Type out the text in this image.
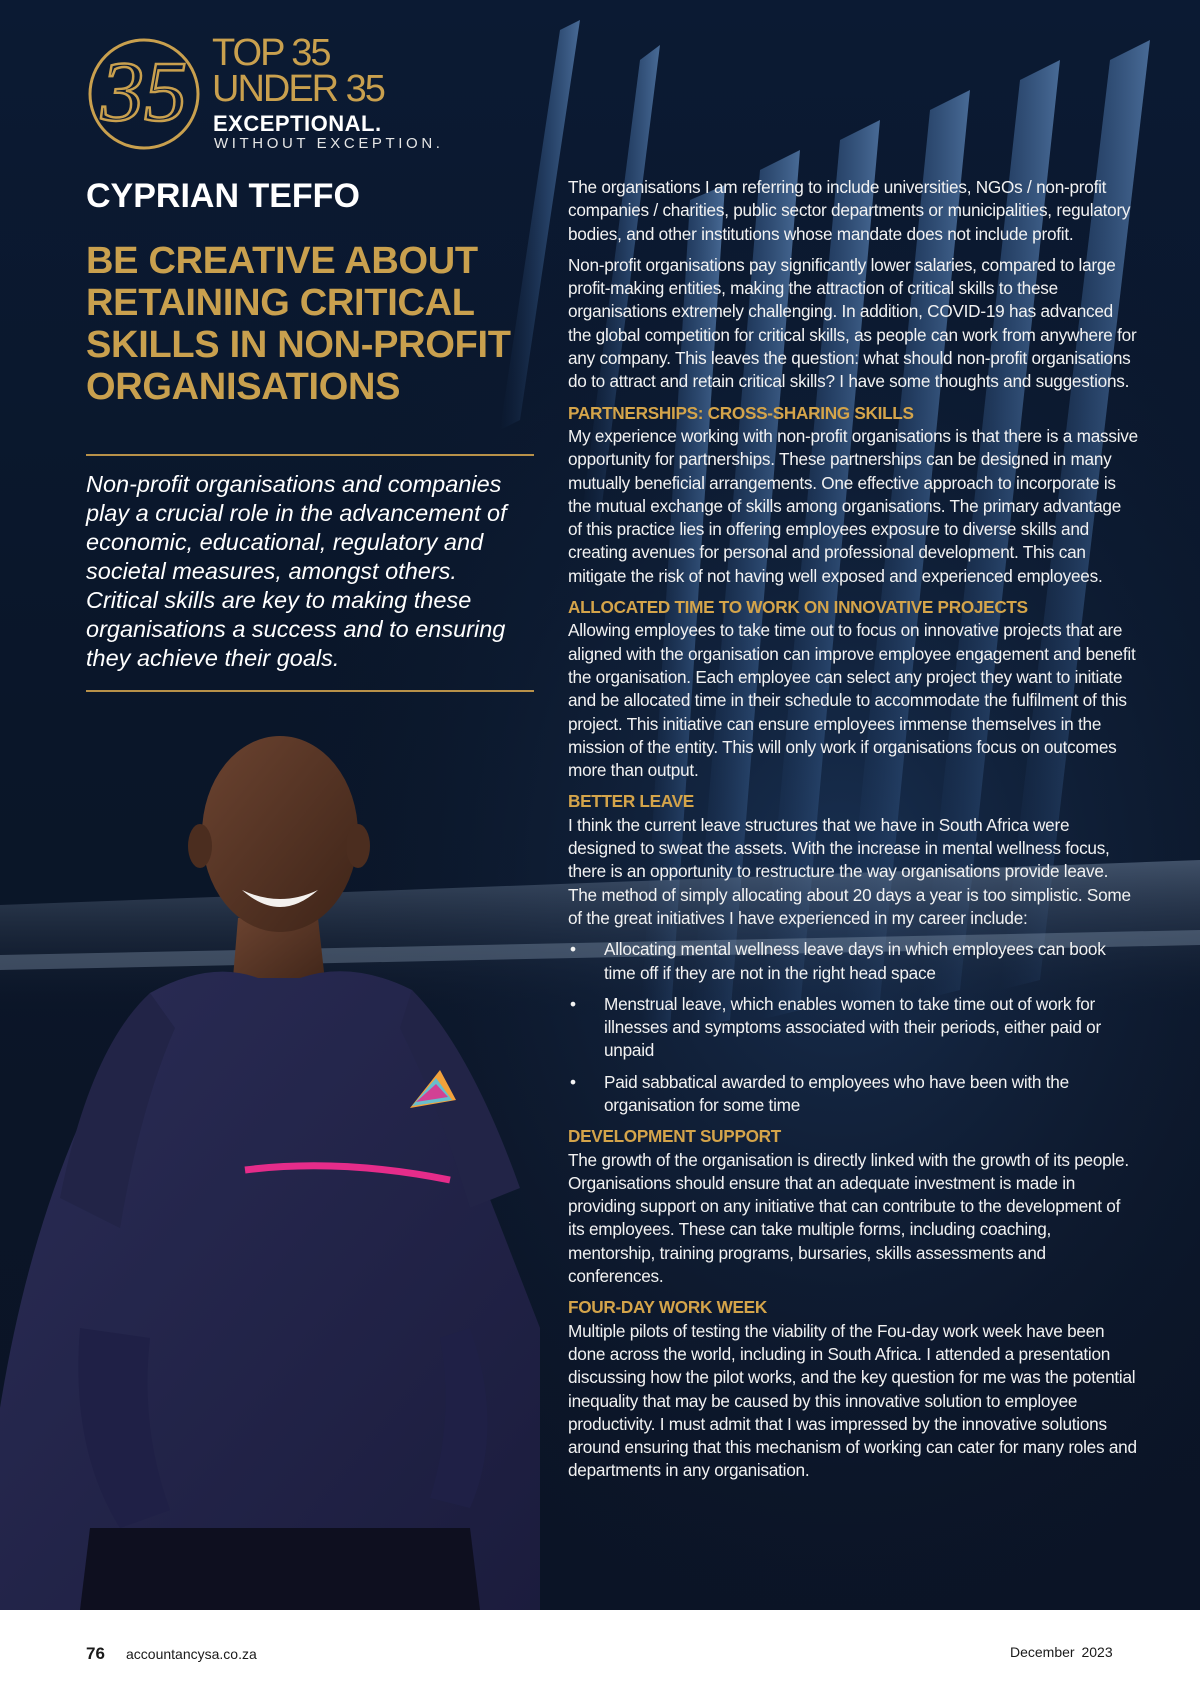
35 TOP 35
UNDER 35
EXCEPTIONAL.
WITHOUT EXCEPTION.
CYPRIAN TEFFO
BE CREATIVE ABOUT RETAINING CRITICAL SKILLS IN NON-PROFIT ORGANISATIONS

Non-profit organisations and companies play a crucial role in the advancement of economic, educational, regulatory and societal measures, amongst others. Critical skills are key to making these organisations a success and to ensuring they achieve their goals.

The organisations I am referring to include universities, NGOs / non-profit companies / charities, public sector departments or municipalities, regulatory bodies, and other institutions whose mandate does not include profit.

Non-profit organisations pay significantly lower salaries, compared to large profit-making entities, making the attraction of critical skills to these organisations extremely challenging. In addition, COVID-19 has advanced the global competition for critical skills, as people can work from anywhere for any company. This leaves the question: what should non-profit organisations do to attract and retain critical skills? I have some thoughts and suggestions.

PARTNERSHIPS: CROSS-SHARING SKILLS

My experience working with non-profit organisations is that there is a massive opportunity for partnerships. These partnerships can be designed in many mutually beneficial arrangements. One effective approach to incorporate is the mutual exchange of skills among organisations. The primary advantage of this practice lies in offering employees exposure to diverse skills and creating avenues for personal and professional development. This can mitigate the risk of not having well exposed and experienced employees.

ALLOCATED TIME TO WORK ON INNOVATIVE PROJECTS

Allowing employees to take time out to focus on innovative projects that are aligned with the organisation can improve employee engagement and benefit the organisation. Each employee can select any project they want to initiate and be allocated time in their schedule to accommodate the fulfilment of this project. This initiative can ensure employees immense themselves in the mission of the entity. This will only work if organisations focus on outcomes more than output.

BETTER LEAVE

I think the current leave structures that we have in South Africa were designed to sweat the assets. With the increase in mental wellness focus, there is an opportunity to restructure the way organisations provide leave. The method of simply allocating about 20 days a year is too simplistic. Some of the great initiatives I have experienced in my career include:

• Allocating mental wellness leave days in which employees can book time off if they are not in the right head space
• Menstrual leave, which enables women to take time out of work for illnesses and symptoms associated with their periods, either paid or unpaid
• Paid sabbatical awarded to employees who have been with the organisation for some time
DEVELOPMENT SUPPORT

The growth of the organisation is directly linked with the growth of its people. Organisations should ensure that an adequate investment is made in providing support on any initiative that can contribute to the development of its employees. These can take multiple forms, including coaching, mentorship, training programs, bursaries, skills assessments and conferences.

FOUR-DAY WORK WEEK

Multiple pilots of testing the viability of the Fou-day work week have been done across the world, including in South Africa. I attended a presentation discussing how the pilot works, and the key question for me was the potential inequality that may be caused by this innovative solution to employee productivity. I must admit that I was impressed by the innovative solutions around ensuring that this mechanism of working can cater for many roles and departments in any organisation.

76 accountancysa.co.za	December 2023
